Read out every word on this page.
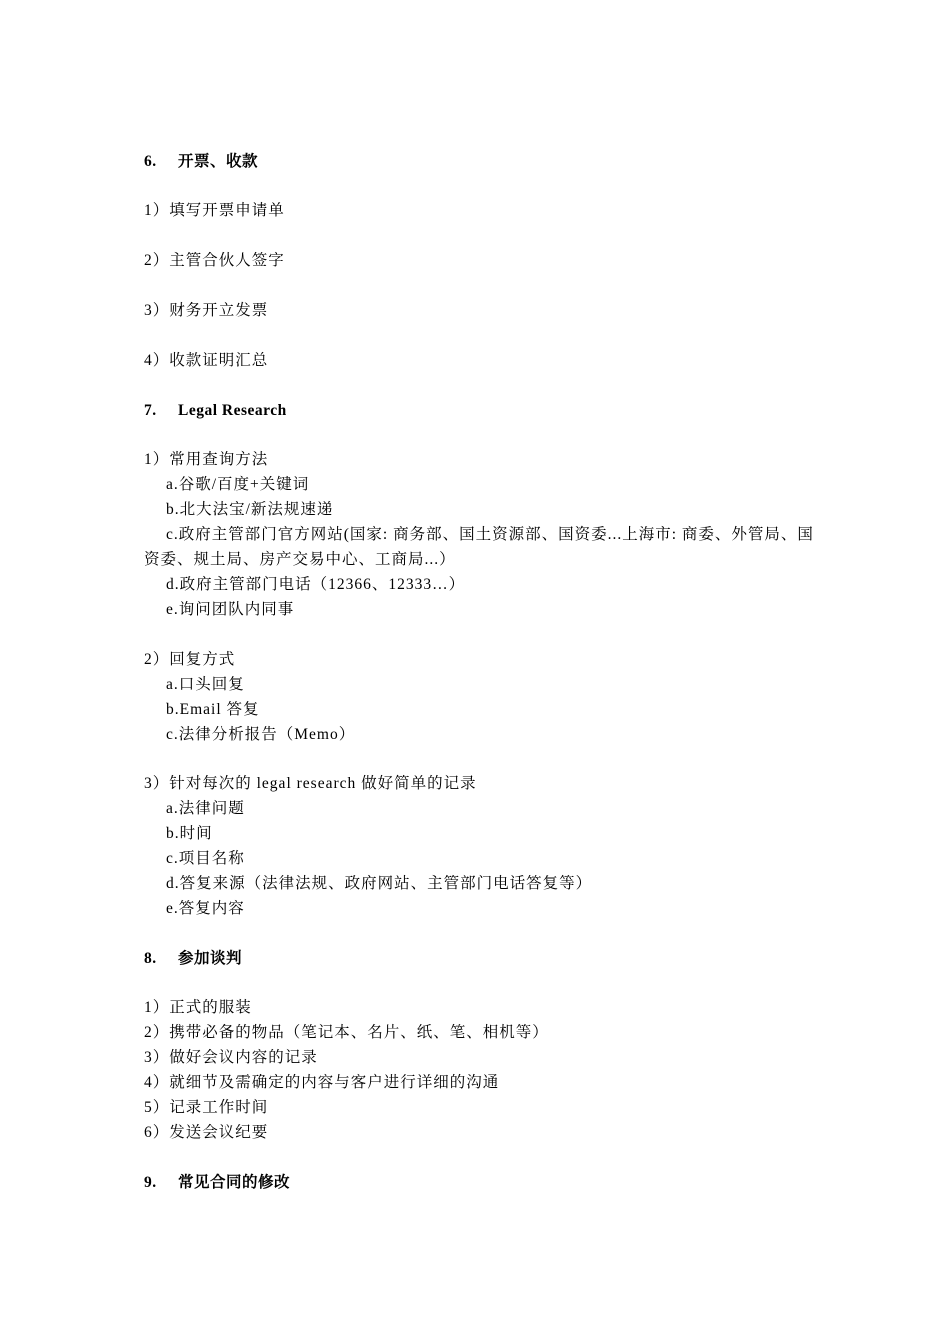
6. 开票、收款
1）填写开票申请单
2）主管合伙人签字
3）财务开立发票
4）收款证明汇总
7. Legal Research
1）常用查询方法
a.谷歌/百度+关键词
b.北大法宝/新法规速递
c.政府主管部门官方网站(国家: 商务部、国土资源部、国资委...上海市: 商委、外管局、国
资委、规土局、房产交易中心、工商局...）
d.政府主管部门电话（12366、12333…）
e.询问团队内同事
2）回复方式
a.口头回复
b.Email 答复
c.法律分析报告（Memo）
3）针对每次的 legal research 做好简单的记录
a.法律问题
b.时间
c.项目名称
d.答复来源（法律法规、政府网站、主管部门电话答复等）
e.答复内容
8. 参加谈判
1）正式的服装
2）携带必备的物品（笔记本、名片、纸、笔、相机等）
3）做好会议内容的记录
4）就细节及需确定的内容与客户进行详细的沟通
5）记录工作时间
6）发送会议纪要
9. 常见合同的修改
